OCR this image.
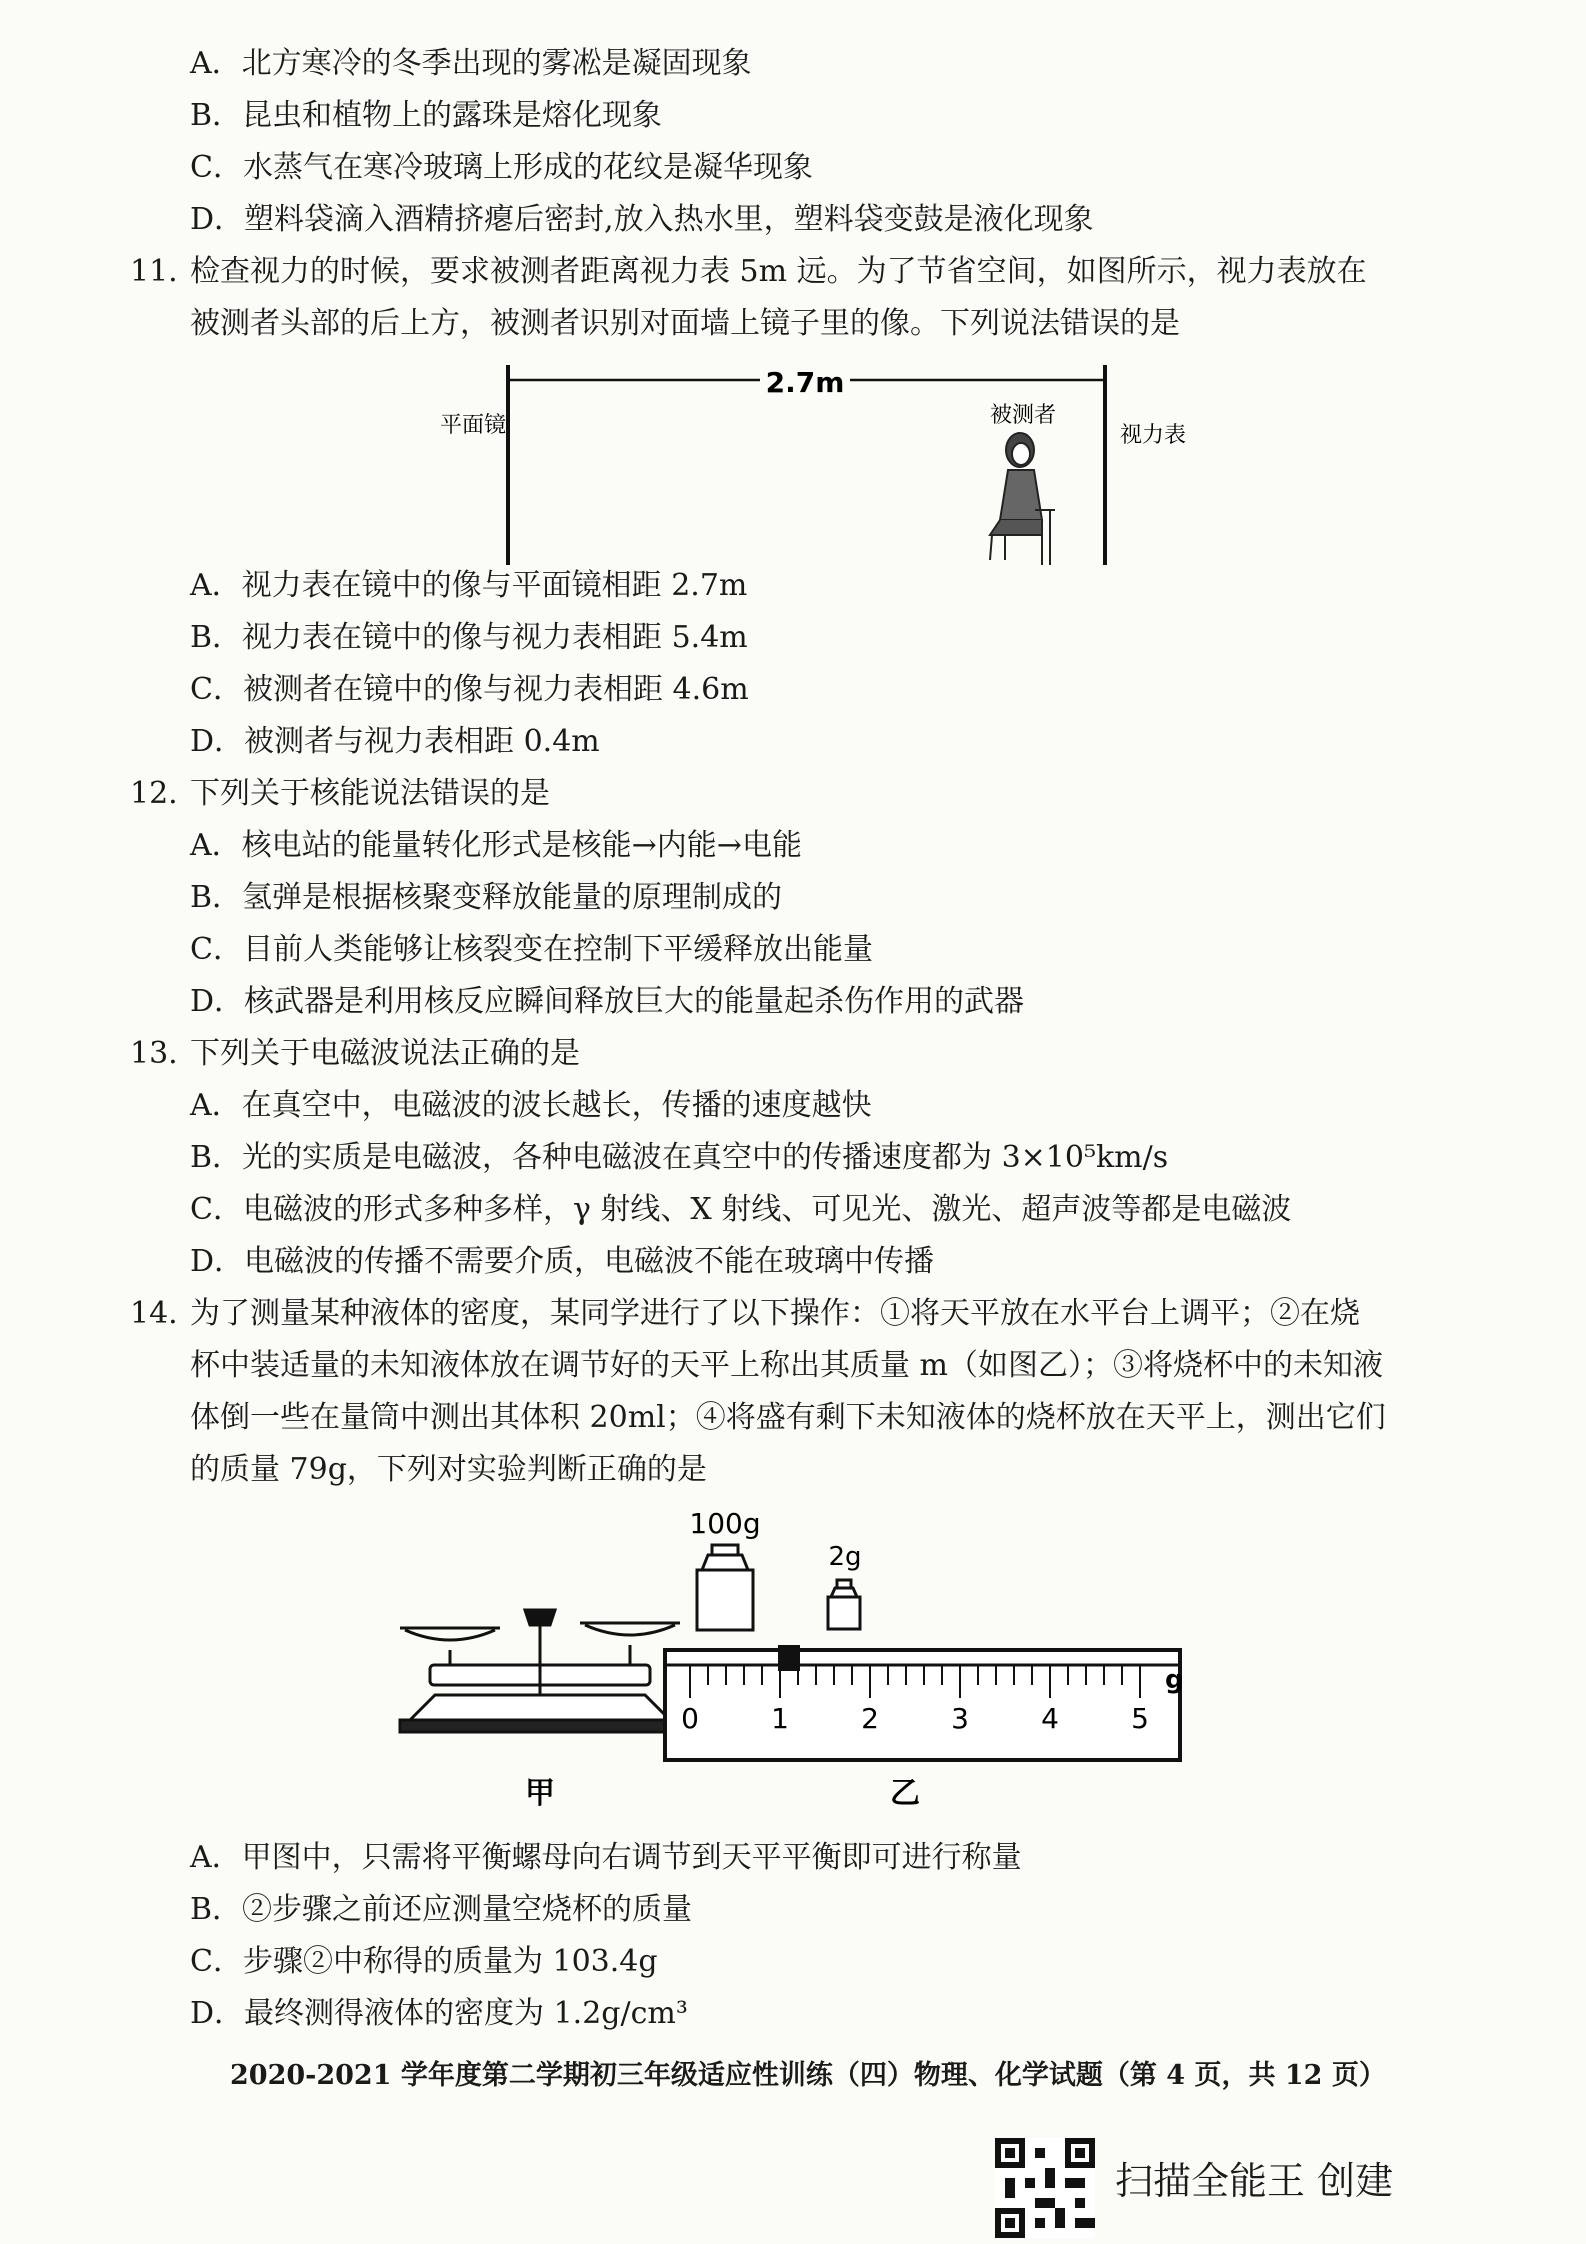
A．北方寒冷的冬季出现的雾凇是凝固现象
B．昆虫和植物上的露珠是熔化现象
C．水蒸气在寒冷玻璃上形成的花纹是凝华现象
D．塑料袋滴入酒精挤瘪后密封,放入热水里，塑料袋变鼓是液化现象
11. 检查视力的时候，要求被测者距离视力表 5m 远。为了节省空间，如图所示，视力表放在
被测者头部的后上方，被测者识别对面墙上镜子里的像。下列说法错误的是
2.7m
平面镜	被测者
视力表
A．视力表在镜中的像与平面镜相距 2.7m
B．视力表在镜中的像与视力表相距 5.4m
C．被测者在镜中的像与视力表相距 4.6m
D．被测者与视力表相距 0.4m
12. 下列关于核能说法错误的是
A．核电站的能量转化形式是核能→内能→电能
B．氢弹是根据核聚变释放能量的原理制成的
C．目前人类能够让核裂变在控制下平缓释放出能量
D．核武器是利用核反应瞬间释放巨大的能量起杀伤作用的武器
13. 下列关于电磁波说法正确的是
A．在真空中，电磁波的波长越长，传播的速度越快
B．光的实质是电磁波，各种电磁波在真空中的传播速度都为 3×10⁵km/s
C．电磁波的形式多种多样，γ 射线、X 射线、可见光、激光、超声波等都是电磁波
D．电磁波的传播不需要介质，电磁波不能在玻璃中传播
14. 为了测量某种液体的密度，某同学进行了以下操作：①将天平放在水平台上调平；②在烧
杯中装适量的未知液体放在调节好的天平上称出其质量 m（如图乙）；③将烧杯中的未知液
体倒一些在量筒中测出其体积 20ml；④将盛有剩下未知液体的烧杯放在天平上，测出它们
的质量 79g，下列对实验判断正确的是
甲
100g
2g
0	1	2	3	4	5
g
乙
A．甲图中，只需将平衡螺母向右调节到天平平衡即可进行称量
B．②步骤之前还应测量空烧杯的质量
C．步骤②中称得的质量为 103.4g
D．最终测得液体的密度为 1.2g/cm³
2020-2021 学年度第二学期初三年级适应性训练（四）物理、化学试题（第 4 页，共 12 页）
扫描全能王 创建
